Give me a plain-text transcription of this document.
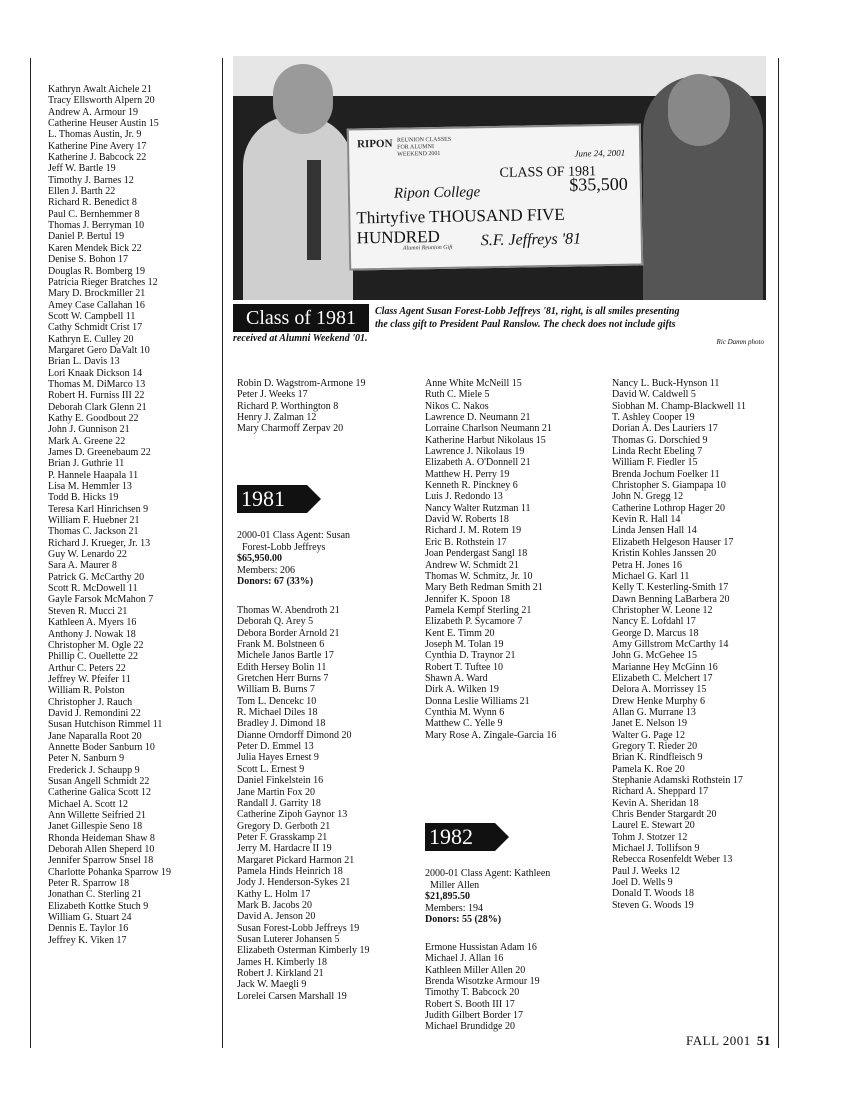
Kathryn Awalt Aichele 21
Tracy Ellsworth Alpern 20
Andrew A. Armour 19
Catherine Heuser Austin 15
L. Thomas Austin, Jr. 9
Katherine Pine Avery 17
Katherine J. Babcock 22
Jeff W. Bartle 19
Timothy J. Barnes 12
Ellen J. Barth 22
Richard R. Benedict 8
Paul C. Bernhemmer 8
Thomas J. Berryman 10
Daniel P. Bertul 19
Karen Mendek Bick 22
Denise S. Bohon 17
Douglas R. Bomberg 19
Patricia Rieger Bratches 12
Mary D. Brockmiller 21
Amey Case Callahan 16
Scott W. Campbell 11
Cathy Schmidt Crist 17
Kathryn E. Culley 20
Margaret Gero DaValt 10
Brian L. Davis 13
Lori Knaak Dickson 14
Thomas M. DiMarco 13
Robert H. Furniss III 22
Deborah Clark Glenn 21
Kathy E. Goodbout 22
John J. Gunnison 21
Mark A. Greene 22
James D. Greenebaum 22
Brian J. Guthrie 11
P. Hannele Haapala 11
Lisa M. Hemmler 13
Todd B. Hicks 19
Teresa Karl Hinrichsen 9
William F. Huebner 21
Thomas C. Jackson 21
Richard J. Krueger, Jr. 13
Guy W. Lenardo 22
Sara A. Maurer 8
Patrick G. McCarthy 20
Scott R. McDowell 11
Gayle Farsok McMahon 7
Steven R. Mucci 21
Kathleen A. Myers 16
Anthony J. Nowak 18
Christopher M. Ogle 22
Phillip C. Ouellette 22
Arthur C. Peters 22
Jeffrey W. Pfeifer 11
William R. Polston
Christopher J. Rauch
David J. Remondini 22
Susan Hutchison Rimmel 11
Jane Naparalla Root 20
Annette Boder Sanburn 10
Peter N. Sanburn 9
Frederick J. Schaupp 9
Susan Angell Schmidt 22
Catherine Galica Scott 12
Michael A. Scott 12
Ann Willette Seifried 21
Janet Gillespie Seno 18
Rhonda Heideman Shaw 8
Deborah Allen Sheperd 10
Jennifer Sparrow Snsel 18
Charlotte Pohanka Sparrow 19
Peter R. Sparrow 18
Jonathan C. Sterling 21
Elizabeth Kottke Stuch 9
William G. Stuart 24
Dennis E. Taylor 16
Jeffrey K. Viken 17
RIPON REUNION CLASSES
FOR ALUMNI
WEEKEND 2001	June 24, 2001
CLASS OF 1981
Ripon College	$35,500
Thirtyfive THOUSAND FIVE HUNDRED
Alumni Reunion Gift S.F. Jeffreys '81
Class of 1981	Class Agent Susan Forest-Lobb Jeffreys '81, right, is all smiles presenting
the class gift to President Paul Ranslow. The check does not include gifts
received at Alumni Weekend '01.	Ric Damm photo
Robin D. Wagstrom-Armone 19
Peter J. Weeks 17
Richard P. Worthington 8
Henry J. Zalman 12
Mary Charmoff Zerpav 20
1981
2000-01 Class Agent: Susan
Forest-Lobb Jeffreys
$65,950.00
Members: 206
Donors: 67 (33%)
Thomas W. Abendroth 21
Deborah Q. Arey 5
Debora Border Arnold 21
Frank M. Bolstneen 6
Michele Janos Bartle 17
Edith Hersey Bolin 11
Gretchen Herr Burns 7
William B. Burns 7
Tom L. Dencekc 10
R. Michael Diles 18
Bradley J. Dimond 18
Dianne Orndorff Dimond 20
Peter D. Emmel 13
Julia Hayes Ernest 9
Scott L. Ernest 9
Daniel Finkelstein 16
Jane Martin Fox 20
Randall J. Garrity 18
Catherine Zipoh Gaynor 13
Gregory D. Gerboth 21
Peter F. Grasskamp 21
Jerry M. Hardacre II 19
Margaret Pickard Harmon 21
Pamela Hinds Heinrich 18
Jody J. Henderson-Sykes 21
Kathy L. Holm 17
Mark B. Jacobs 20
David A. Jenson 20
Susan Forest-Lobb Jeffreys 19
Susan Luterer Johansen 5
Elizabeth Osterman Kimberly 19
James H. Kimberly 18
Robert J. Kirkland 21
Jack W. Maegli 9
Lorelei Carsen Marshall 19
Anne White McNeill 15
Ruth C. Miele 5
Nikos C. Nakos
Lawrence D. Neumann 21
Lorraine Charlson Neumann 21
Katherine Harbut Nikolaus 15
Lawrence J. Nikolaus 19
Elizabeth A. O'Donnell 21
Matthew H. Perry 19
Kenneth R. Pinckney 6
Luis J. Redondo 13
Nancy Walter Rutzman 11
David W. Roberts 18
Richard J. M. Rotem 19
Eric B. Rothstein 17
Joan Pendergast Sangl 18
Andrew W. Schmidt 21
Thomas W. Schmitz, Jr. 10
Mary Beth Redman Smith 21
Jennifer K. Spoon 18
Pamela Kempf Sterling 21
Elizabeth P. Sycamore 7
Kent E. Timm 20
Joseph M. Tolan 19
Cynthia D. Traynor 21
Robert T. Tuftee 10
Shawn A. Ward
Dirk A. Wilken 19
Donna Leslie Williams 21
Cynthia M. Wynn 6
Matthew C. Yelle 9
Mary Rose A. Zingale-Garcia 16
1982
2000-01 Class Agent: Kathleen
Miller Allen
$21,895.50
Members: 194
Donors: 55 (28%)
Ermone Hussistan Adam 16
Michael J. Allan 16
Kathleen Miller Allen 20
Brenda Wisotzke Armour 19
Timothy T. Babcock 20
Robert S. Booth III 17
Judith Gilbert Border 17
Michael Brundidge 20
Nancy L. Buck-Hynson 11
David W. Caldwell 5
Siobhan M. Champ-Blackwell 11
T. Ashley Cooper 19
Dorian A. Des Lauriers 17
Thomas G. Dorschied 9
Linda Recht Ebeling 7
William F. Fiedler 15
Brenda Jochum Foelker 11
Christopher S. Giampapa 10
John N. Gregg 12
Catherine Lothrop Hager 20
Kevin R. Hall 14
Linda Jensen Hall 14
Elizabeth Helgeson Hauser 17
Kristin Kohles Janssen 20
Petra H. Jones 16
Michael G. Karl 11
Kelly T. Kesterling-Smith 17
Dawn Benning LaBarbera 20
Christopher W. Leone 12
Nancy E. Lofdahl 17
George D. Marcus 18
Amy Gillstrom McCarthy 14
John G. McGehee 15
Marianne Hey McGinn 16
Elizabeth C. Melchert 17
Delora A. Morrissey 15
Drew Henke Murphy 6
Allan G. Murrane 13
Janet E. Nelson 19
Walter G. Page 12
Gregory T. Rieder 20
Brian K. Rindfleisch 9
Pamela K. Roe 20
Stephanie Adamski Rothstein 17
Richard A. Sheppard 17
Kevin A. Sheridan 18
Chris Bender Stargardt 20
Laurel E. Stewart 20
Tohm J. Stotzer 12
Michael J. Tollifson 9
Rebecca Rosenfeldt Weber 13
Paul J. Weeks 12
Joel D. Wells 9
Donald T. Woods 18
Steven G. Woods 19
FALL 2001 51
